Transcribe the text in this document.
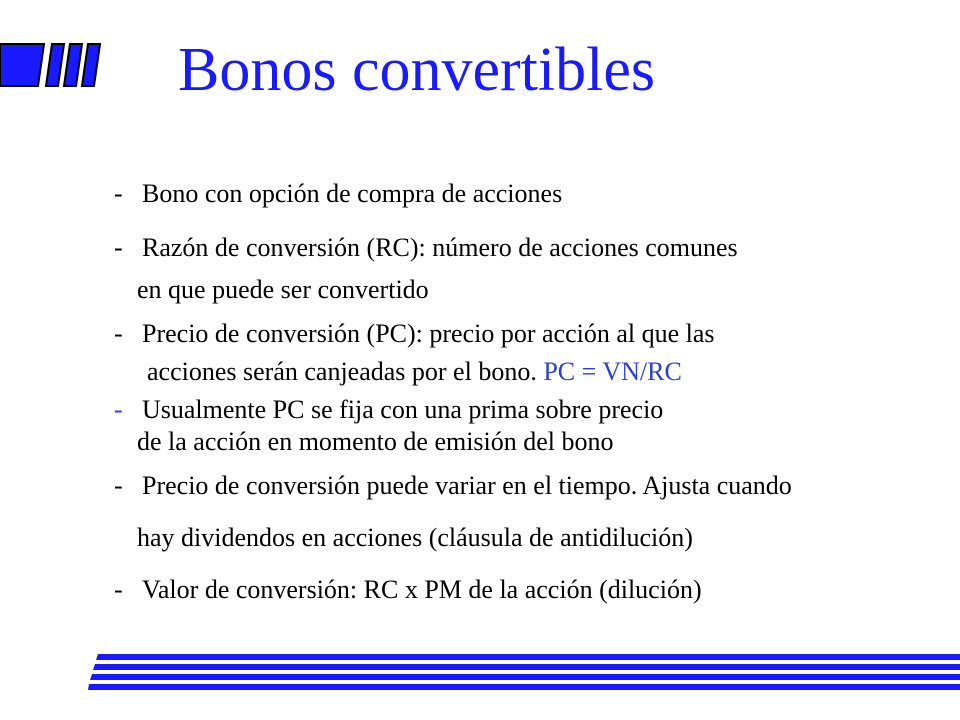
Bonos convertibles
- Bono con opción de compra de acciones
- Razón de conversión (RC): número de acciones comunes
en que puede ser convertido
- Precio de conversión (PC): precio por acción al que las
acciones serán canjeadas por el bono. PC = VN/RC
- Usualmente PC se fija con una prima sobre precio
de la acción en momento de emisión del bono
- Precio de conversión puede variar en el tiempo. Ajusta cuando
hay dividendos en acciones (cláusula de antidilución)
- Valor de conversión: RC x PM de la acción (dilución)
